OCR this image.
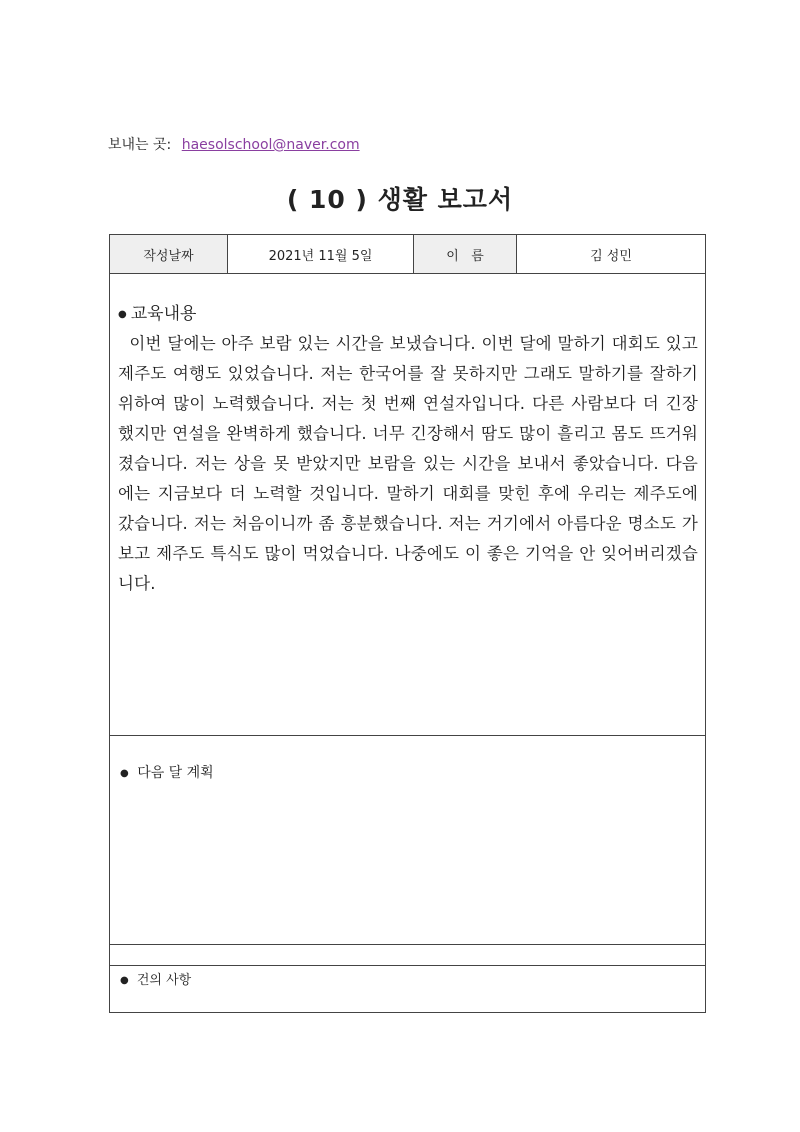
보내는 곳: haesolschool@naver.com
( 10 ) 생활 보고서
작성날짜	2021년 11월 5일	이   름	김 성민
● 교육내용

이번 달에는 아주 보람 있는 시간을 보냈습니다. 이번 달에 말하기 대회도 있고 제주도 여행도 있었습니다. 저는 한국어를 잘 못하지만 그래도 말하기를 잘하기 위하여 많이 노력했습니다. 저는 첫 번째 연설자입니다. 다른 사람보다 더 긴장했지만 연설을 완벽하게 했습니다. 너무 긴장해서 땀도 많이 흘리고 몸도 뜨거워졌습니다. 저는 상을 못 받았지만 보람을 있는 시간을 보내서 좋았습니다. 다음에는 지금보다 더 노력할 것입니다. 말하기 대회를 맞힌 후에 우리는 제주도에 갔습니다. 저는 처음이니까 좀 흥분했습니다. 저는 거기에서 아름다운 명소도 가보고 제주도 특식도 많이 먹었습니다. 나중에도 이 좋은 기억을 안 잊어버리겠습니다.

● 다음 달 계획
● 건의 사항
